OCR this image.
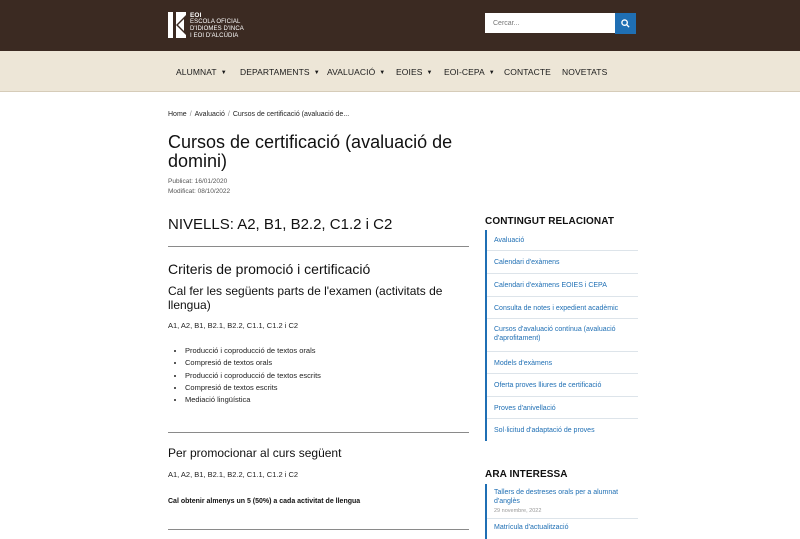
EOI
ESCOLA OFICIAL
D'IDIOMES D'INCA
I EOI D'ALCÚDIA
Cercar...
ALUMNAT ▼ DEPARTAMENTS ▼ AVALUACIÓ ▼ EOIES ▼ EOI-CEPA ▼ CONTACTE NOVETATS
Home / Avaluació / Cursos de certificació (avaluació de...
Cursos de certificació (avaluació de domini)
Publicat: 16/01/2020
Modificat: 08/10/2022
NIVELLS: A2, B1, B2.2, C1.2 i C2
Criteris de promoció i certificació
Cal fer les següents parts de l'examen (activitats de llengua)
A1, A2, B1, B2.1, B2.2, C1.1, C1.2 i C2
• Producció i coproducció de textos orals
• Compresió de textos orals
• Producció i coproducció de textos escrits
• Compresió de textos escrits
• Mediació lingüística
Per promocionar al curs següent
A1, A2, B1, B2.1, B2.2, C1.1, C1.2 i C2
Cal obtenir almenys un 5 (50%) a cada activitat de llengua
CONTINGUT RELACIONAT
Avaluació
Calendari d'exàmens
Calendari d'exàmens EOIES i CEPA
Consulta de notes i expedient acadèmic
Cursos d'avaluació contínua (avaluació d'aprofitament)
Models d'exàmens
Oferta proves lliures de certificació
Proves d'anivellació
Sol·licitud d'adaptació de proves
ARA INTERESSA
Tallers de destreses orals per a alumnat d'anglès
29 novembre, 2022
Matrícula d'actualització
